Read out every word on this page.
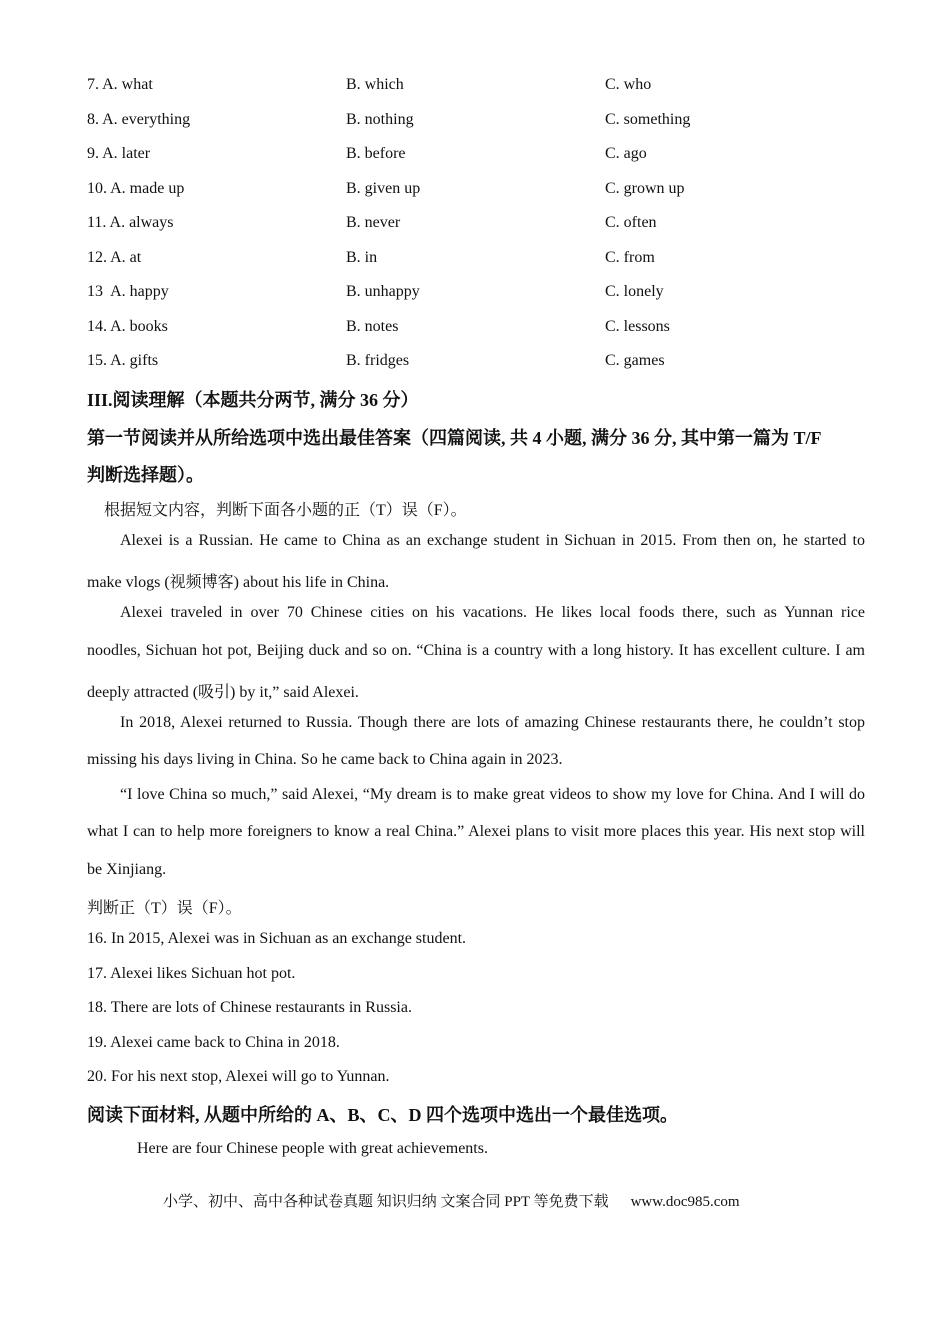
7. A. what	B. which	C. who
8. A. everything	B. nothing	C. something
9. A. later	B. before	C. ago
10. A. made up	B. given up	C. grown up
11. A. always	B. never	C. often
12. A. at	B. in	C. from
13  A. happy	B. unhappy	C. lonely
14. A. books	B. notes	C. lessons
15. A. gifts	B. fridges	C. games
III.阅读理解（本题共分两节, 满分 36 分）
第一节阅读并从所给选项中选出最佳答案（四篇阅读, 共 4 小题, 满分 36 分, 其中第一篇为 T/F
判断选择题）。
根据短文内容，判断下面各小题的正（T）误（F）。
Alexei is a Russian. He came to China as an exchange student in Sichuan in 2015. From then on, he started to
make vlogs (视频博客) about his life in China.
Alexei traveled in over 70 Chinese cities on his vacations. He likes local foods there, such as Yunnan rice
noodles, Sichuan hot pot, Beijing duck and so on. “China is a country with a long history. It has excellent culture. I am
deeply attracted (吸引) by it,” said Alexei.
In 2018, Alexei returned to Russia. Though there are lots of amazing Chinese restaurants there, he couldn’t stop
missing his days living in China. So he came back to China again in 2023.
“I love China so much,” said Alexei, “My dream is to make great videos to show my love for China. And I will do
what I can to help more foreigners to know a real China.” Alexei plans to visit more places this year. His next stop will
be Xinjiang.
判断正（T）误（F）。
16. In 2015, Alexei was in Sichuan as an exchange student.
17. Alexei likes Sichuan hot pot.
18. There are lots of Chinese restaurants in Russia.
19. Alexei came back to China in 2018.
20. For his next stop, Alexei will go to Yunnan.
阅读下面材料, 从题中所给的 A、B、C、D 四个选项中选出一个最佳选项。
Here are four Chinese people with great achievements.
小学、初中、高中各种试卷真题 知识归纳 文案合同 PPT 等免费下载 www.doc985.com
